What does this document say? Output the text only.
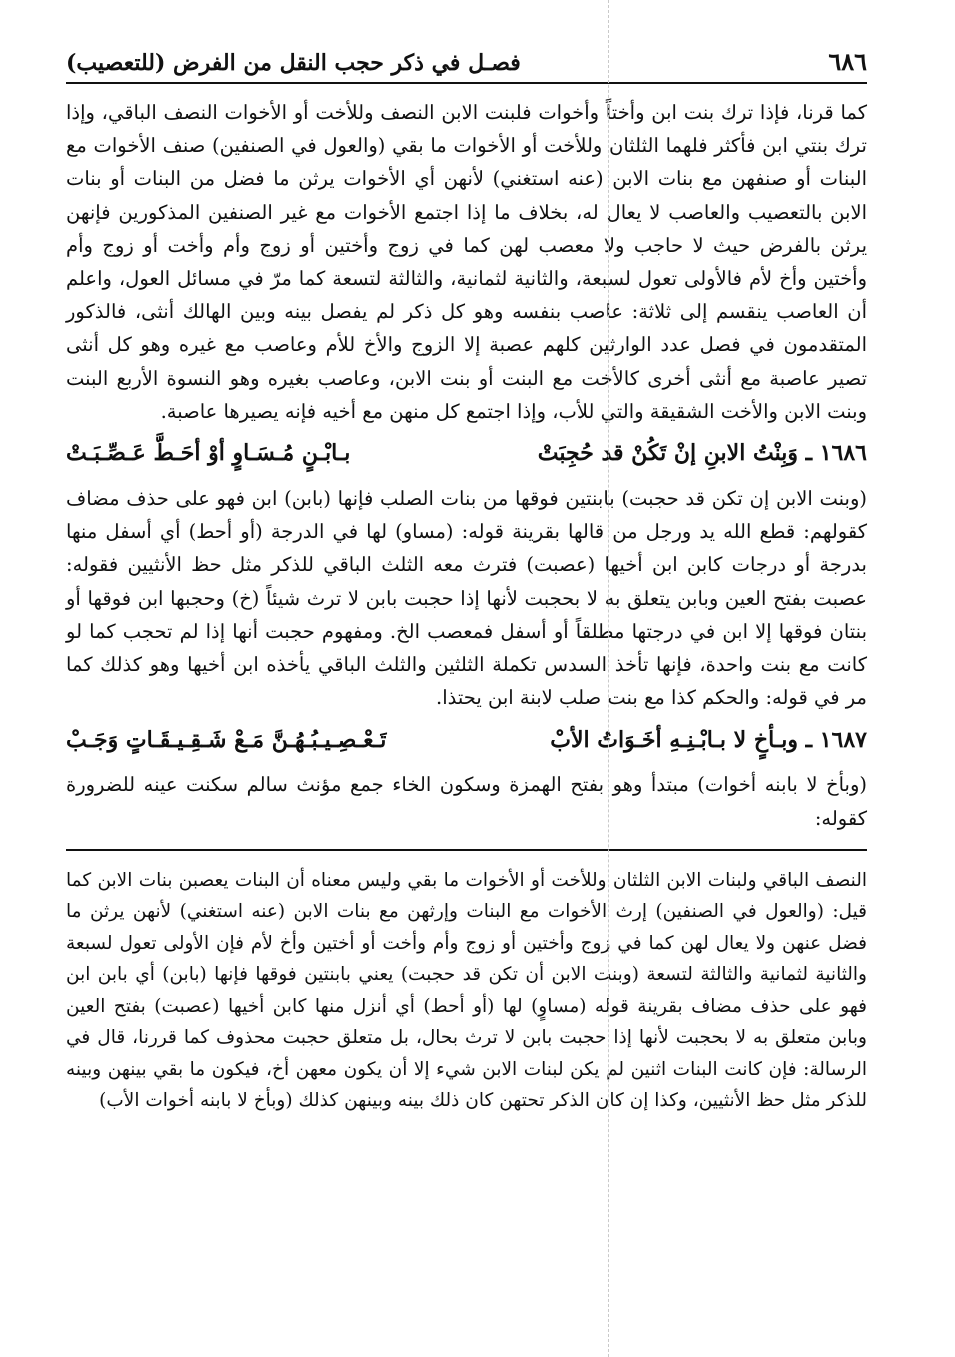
٦٨٦
فصـل في ذكر حجب النقل من الفرض (للتعصيب)

كما قرنا، فإذا ترك بنت ابن وأختاً وأخوات فلبنت الابن النصف وللأخت أو الأخوات النصف الباقي، وإذا ترك بنتي ابن فأكثر فلهما الثلثان وللأخت أو الأخوات ما بقي (والعول في الصنفين) صنف الأخوات مع البنات أو صنفهن مع بنات الابن (عنه استغني) لأنهن أي الأخوات يرثن ما فضل من البنات أو بنات الابن بالتعصيب والعاصب لا يعال له، بخلاف ما إذا اجتمع الأخوات مع غير الصنفين المذكورين فإنهن يرثن بالفرض حيث لا حاجب ولا معصب لهن كما في زوج وأختين أو زوج وأم وأخت أو زوج وأم وأختين وأخ لأم فالأولى تعول لسبعة، والثانية لثمانية، والثالثة لتسعة كما مرّ في مسائل العول، واعلم أن العاصب ينقسم إلى ثلاثة: عاصب بنفسه وهو كل ذكر لم يفصل بينه وبين الهالك أنثى، فالذكور المتقدمون في فصل عدد الوارثين كلهم عصبة إلا الزوج والأخ للأم وعاصب مع غيره وهو كل أنثى تصير عاصبة مع أنثى أخرى كالأخت مع البنت أو بنت الابن، وعاصب بغيره وهو النسوة الأربع البنت وبنت الابن والأخت الشقيقة والتي للأب، وإذا اجتمع كل منهن مع أخيه فإنه يصيرها عاصبة.

١٦٨٦ ـ وَبِنْتُ الابنِ إنْ تَكُنْ قد حُجِبَتْ
بـابْـنٍ مُـسَـاوٍ أوْ أحَـطَّ عَـصِّـبَـتْ

(وبنت الابن إن تكن قد حجبت) بابنتين فوقها من بنات الصلب فإنها (بابن) ابن فهو على حذف مضاف كقولهم: قطع الله يد ورجل من قالها بقرينة قوله: (مساو) لها في الدرجة (أو أحط) أي أسفل منها بدرجة أو درجات كابن ابن أخيها (عصبت) فترث معه الثلث الباقي للذكر مثل حظ الأنثيين فقوله: عصبت بفتح العين وبابن يتعلق به لا بحجبت لأنها إذا حجبت بابن لا ترث شيئاً (خ) وحجبها ابن فوقها أو بنتان فوقها إلا ابن في درجتها مطلقاً أو أسفل فمعصب الخ. ومفهوم حجبت أنها إذا لم تحجب كما لو كانت مع بنت واحدة، فإنها تأخذ السدس تكملة الثلثين والثلث الباقي يأخذه ابن أخيها وهو كذلك كما مر في قوله: والحكم كذا مع بنت صلب لابنة ابن يحتذا.

١٦٨٧ ـ وبـأخٍ لا بـابْـنِـهِ أخَـوَاتُ الأبْ
تَـعْـصِـيـبُـهُـنَّ مَـعْ شَـقِـيـقَـاتٍ وَجَـبْ

(وبأخ لا بابنه أخوات) مبتدأ وهو بفتح الهمزة وسكون الخاء جمع مؤنث سالم سكنت عينه للضرورة كقوله:

النصف الباقي ولبنات الابن الثلثان وللأخت أو الأخوات ما بقي وليس معناه أن البنات يعصبن بنات الابن كما قيل: (والعول في الصنفين) إرث الأخوات مع البنات وإرثهن مع بنات الابن (عنه استغني) لأنهن يرثن ما فضل عنهن ولا يعال لهن كما في زوج وأختين أو زوج وأم وأخت أو أختين وأخ لأم فإن الأولى تعول لسبعة والثانية لثمانية والثالثة لتسعة (وبنت الابن أن تكن قد حجبت) يعني بابنتين فوقها فإنها (بابن) أي بابن ابن فهو على حذف مضاف بقرينة قوله (مساوٍ) لها (أو أحط) أي أنزل منها كابن أخيها (عصبت) بفتح العين وبابن متعلق به لا بحجبت لأنها إذا حجبت بابن لا ترث بحال، بل متعلق حجبت محذوف كما قررنا، قال في الرسالة: فإن كانت البنات اثنين لم يكن لبنات الابن شيء إلا أن يكون معهن أخ، فيكون ما بقي بينهن وبينه للذكر مثل حظ الأنثيين، وكذا إن كان الذكر تحتهن كان ذلك بينه وبينهن كذلك (وبأخ لا بابنه أخوات الأب)
